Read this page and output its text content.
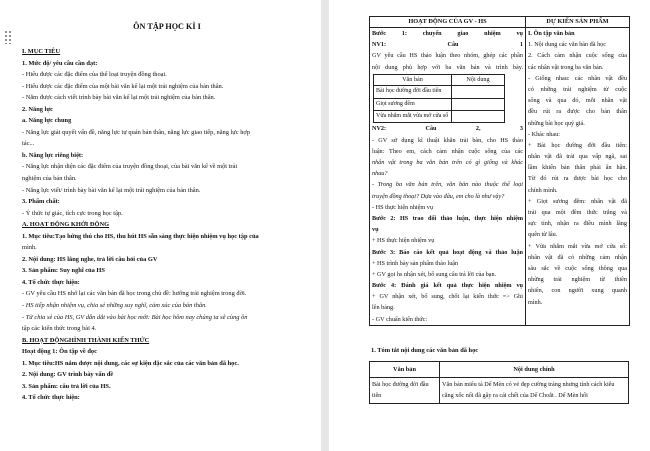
ÔN TẬP HỌC KÌ I
I. MỤC TIÊU
1. Mức độ/ yêu cầu cần đạt:
- Hiểu được các đặc điểm của thể loại truyện đồng thoại.
- Hiểu được các đặc điểm của một bài văn kể lại một trải nghiệm của bản thân.
- Nắm được cách viết trình bày bài văn kể lại một trải nghiệm của bản thân.
2. Năng lực
a. Năng lực chung
- Năng lực giải quyết vấn đề, năng lực tự quản bản thân, năng lực giao tiếp, năng lực hợp
tác...
b. Năng lực riêng biệt:
- Năng lực nhận diện các đặc điểm của truyện đồng thoại, của bài văn kể về một trải
nghiệm của bản thân.
- Năng lực viết/ trình bày bài văn kể lại một trải nghiệm của bản thân.
3. Phẩm chất:
- Ý thức tự giác, tích cực trong học tập.
A. HOẠT ĐỘNG KHỞI ĐỘNG
1. Mục tiêu:Tạo hứng thú cho HS, thu hút HS sẵn sàng thực hiện nhiệm vụ học tập của
mình.
2. Nội dung: HS lắng nghe, trả lời câu hỏi của GV
3. Sản phẩm: Suy nghĩ của HS
4. Tổ chức thực hiện:
- GV yêu cầu HS nhớ lại các văn bản đã học trong chủ đề: hướng trải nghiệm trong đời.
- HS tiếp nhận nhiệm vụ, chia sẻ những suy nghĩ, cảm xúc của bản thân.
- Từ chia sẻ của HS, GV dẫn dắt vào bài học mới: Bài học hôm nay chúng ta sẽ cùng ôn
tập các kiến thức trong bài 4.
B. HOẠT ĐỘNGHÌNH THÀNH KIẾN THỨC
Hoạt động 1: Ôn tập về đọc
1. Mục tiêu:HS nắm được nội dung, các sự kiện đặc sắc của các văn bản đã học.
2. Nội dung: GV trình bày vấn đề
3. Sản phẩm: câu trả lời của HS.
4. Tổ chức thực hiện:
HOẠT ĐỘNG CỦA GV - HS	DỰ KIẾN SẢN PHẨM

Bước 1: chuyển giao nhiệm vụ
NV1: Câu 1
GV yêu cầu HS thảo luận theo nhóm, ghép các phần
nội dung phù hợp với ba văn bản và trình bày.
Văn bản	Nội dung
Bài học đường đời đầu tiên	
Giọt sương đêm	
Vừa nhắm mắt vừa mở cửa sổ	
NV2: Câu 2, 3
- GV sử dụng kĩ thuật khăn trải bàn, cho HS thảo
luận: Theo em, cách cảm nhận cuộc sống của các
nhân vật trong ba văn bản trên có gì giống và khác
nhau?
- Trong ba văn bản trên, văn bản nào thuộc thể loại
truyện đồng thoại? Dựa vào đâu, em cho là như vậy?
- HS thực hiện nhiệm vụ
Bước 2: HS trao đổi thảo luận, thực hiện nhiệm
vụ
+ HS thực hiện nhiệm vụ
Bước 3: Báo cáo kết quả hoạt động và thảo luận
+ HS trình bày sản phẩm thảo luận
+ GV gọi hs nhận xét, bổ sung câu trả lời của bạn.
Bước 4: Đánh giá kết quả thực hiện nhiệm vụ
+ GV nhận xét, bổ sung, chốt lại kiến thức => Ghi
lên bảng.
- GV chuẩn kiến thức:

I. Ôn tập văn bản
1. Nội dung các văn bản đã học
2. Cách cảm nhận cuộc sống của
các nhân vật trong ba văn bản.
- Giống nhau: các nhân vật đều
có những trải nghiệm từ cuộc
sống và qua đó, mỗi nhân vật
đều rút ra được cho bản thân
những bài học quý giá.
- Khác nhau:
+ Bài học đường đời đầu tiên:
nhân vật đã trải qua vấp ngã, sai
lầm khiến bản thân phải ân hận.
Từ đó rút ra được bài học cho
chính mình.
+ Giọt sương đêm: nhân vật đã
trải qua một đêm thức trắng và
sực tỉnh, nhận ra điều mình lãng
quên từ lâu.
+ Vừa nhắm mắt vừa mở cửa sổ:
nhân vật đã có những cảm nhận
sâu sắc về cuộc sống thông qua
những trải nghiệm từ thiên
nhiên, con người xung quanh
mình.
1. Tóm tắt nội dung các văn bản đã học
Văn bản	Nội dung chính
Bài học đường đời đầu tiên	Văn bản miêu tả Dế Mèn có vẻ đẹp cường tráng nhưng tính cách kiêu căng xốc nổi đã gây ra cái chết của Dế Choắt . Dế Mèn hối
